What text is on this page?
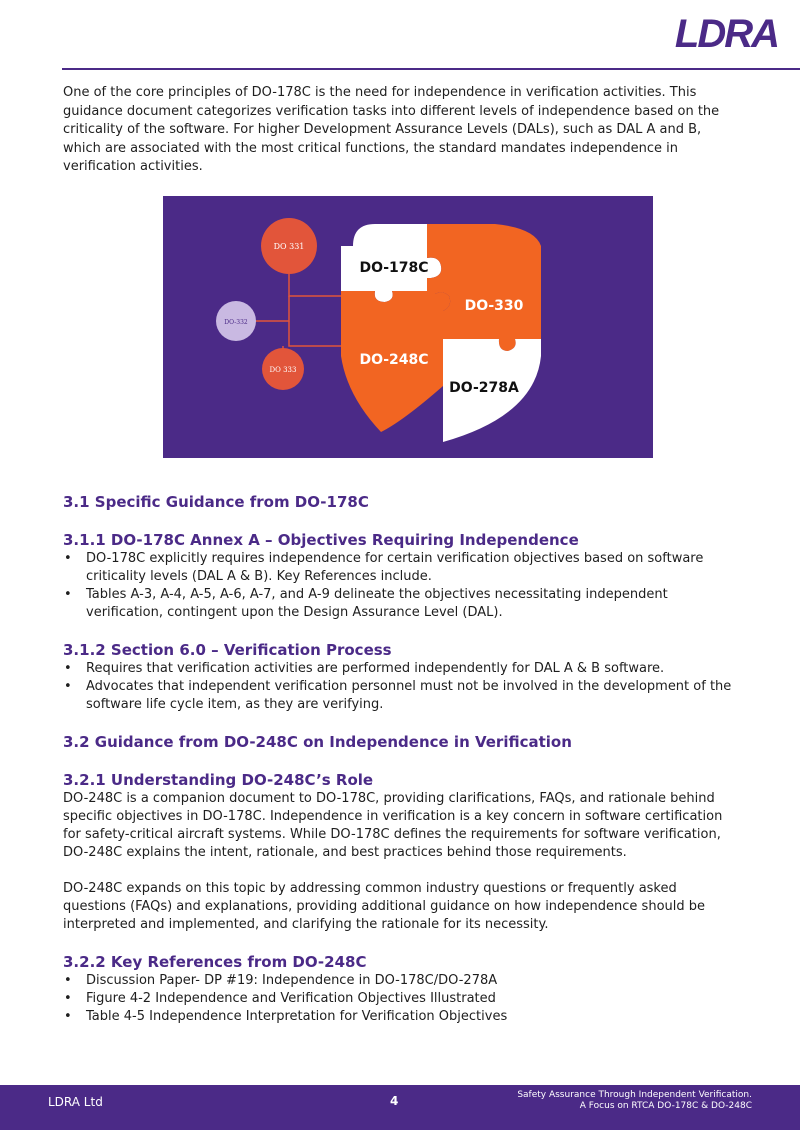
LDRA

One of the core principles of DO-178C is the need for independence in verification activities. This guidance document categorizes verification tasks into different levels of independence based on the criticality of the software. For higher Development Assurance Levels (DALs), such as DAL A and B, which are associated with the most critical functions, the standard mandates independence in verification activities.

DO 331
DO-332
DO 333
DO-178C
DO-330
DO-248C
DO-278A
3.1 Specific Guidance from DO-178C
3.1.1 DO-178C Annex A – Objectives Requiring Independence
• DO-178C explicitly requires independence for certain verification objectives based on software criticality levels (DAL A & B). Key References include.
• Tables A-3, A-4, A-5, A-6, A-7, and A-9 delineate the objectives necessitating independent verification, contingent upon the Design Assurance Level (DAL).
3.1.2 Section 6.0 – Verification Process
• Requires that verification activities are performed independently for DAL A & B software.
• Advocates that independent verification personnel must not be involved in the development of the software life cycle item, as they are verifying.
3.2 Guidance from DO-248C on Independence in Verification
3.2.1 Understanding DO-248C’s Role

DO-248C is a companion document to DO-178C, providing clarifications, FAQs, and rationale behind specific objectives in DO-178C. Independence in verification is a key concern in software certification for safety-critical aircraft systems. While DO-178C defines the requirements for software verification, DO-248C explains the intent, rationale, and best practices behind those requirements.

DO-248C expands on this topic by addressing common industry questions or frequently asked questions (FAQs) and explanations, providing additional guidance on how independence should be interpreted and implemented, and clarifying the rationale for its necessity.

3.2.2 Key References from DO-248C
• Discussion Paper- DP #19: Independence in DO-178C/DO-278A
• Figure 4-2 Independence and Verification Objectives Illustrated
• Table 4-5 Independence Interpretation for Verification Objectives
LDRA Ltd	4	Safety Assurance Through Independent Verification.
A Focus on RTCA DO-178C & DO-248C
